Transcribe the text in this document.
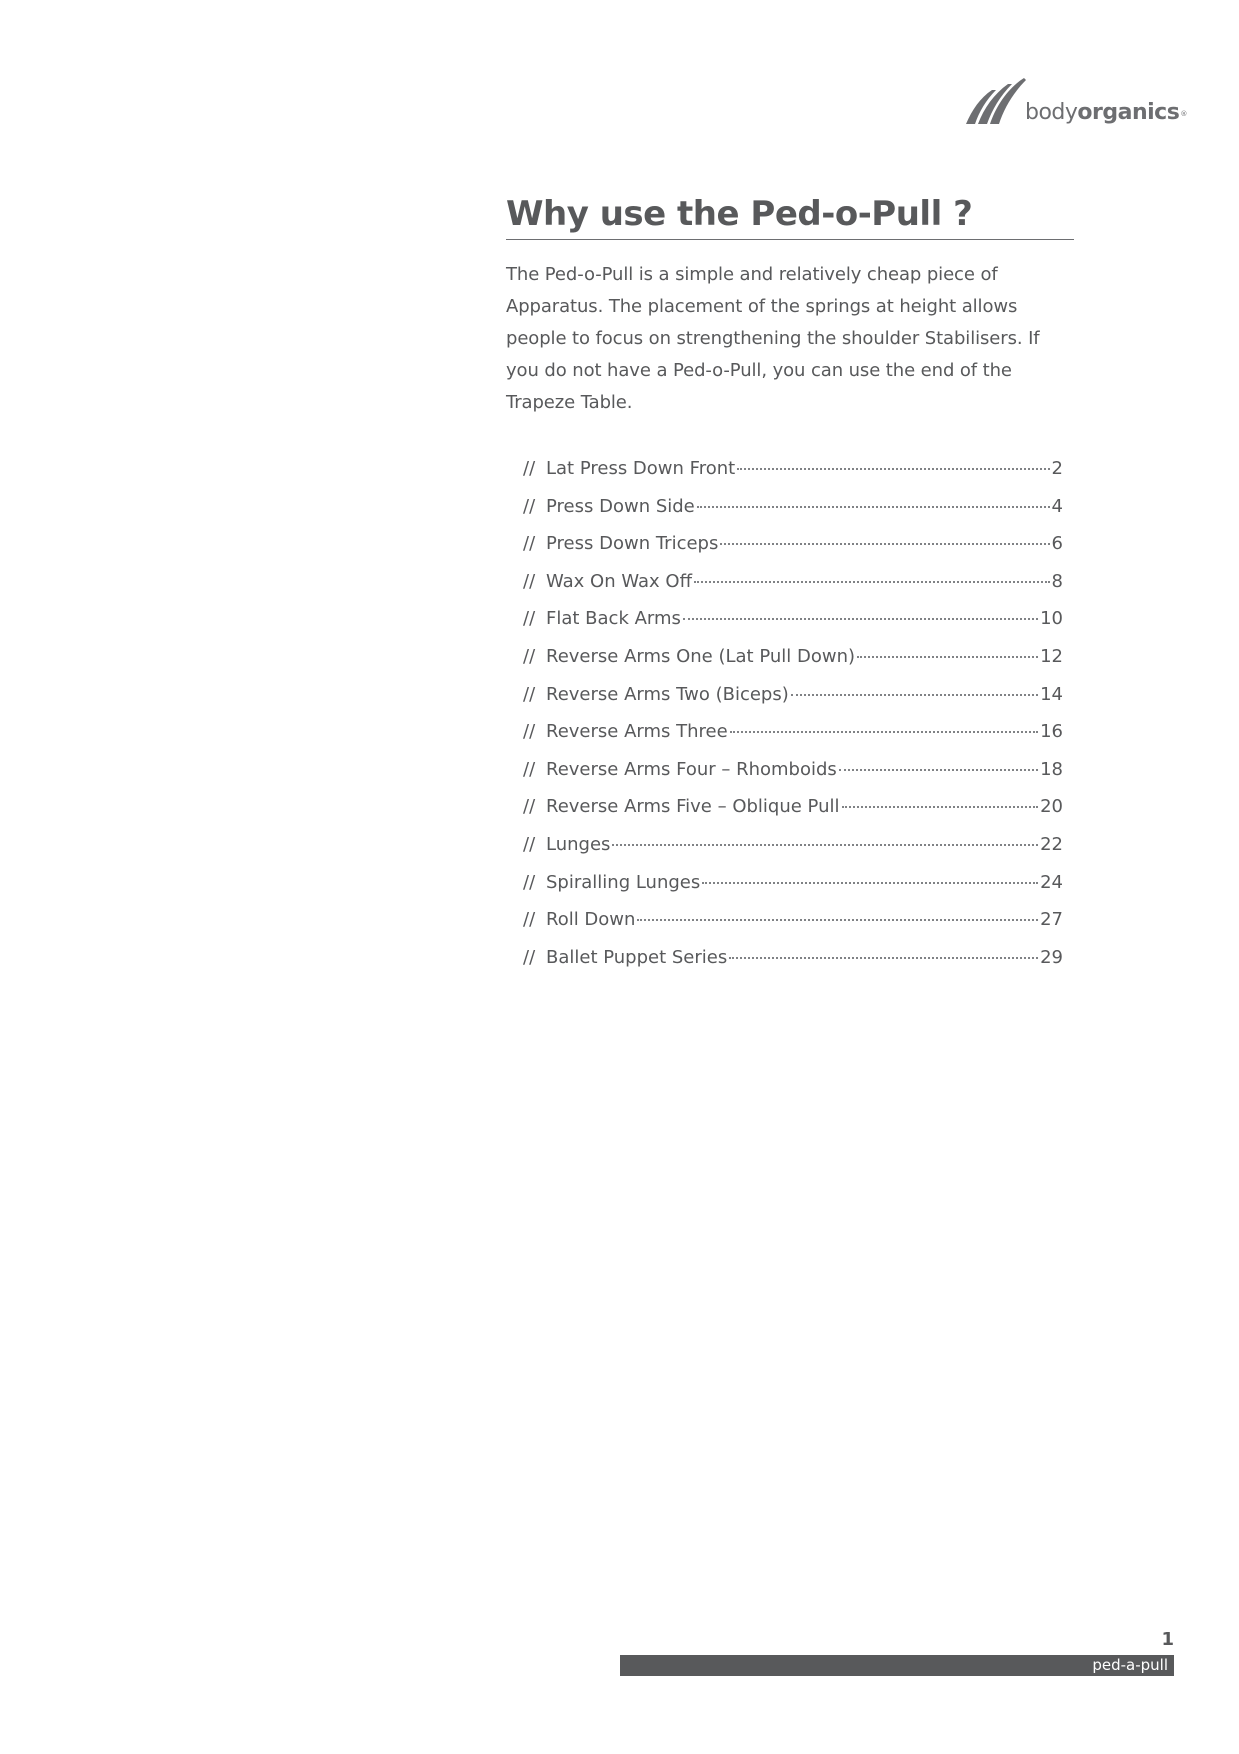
bodyorganics®
Why use the Ped-o-Pull ?

The Ped-o-Pull is a simple and relatively cheap piece of Apparatus. The placement of the springs at height allows people to focus on strengthening the shoulder Stabilisers. If you do not have a Ped-o-Pull, you can use the end of the Trapeze Table.

// Lat Press Down Front	2
// Press Down Side	4
// Press Down Triceps	6
// Wax On Wax Off	8
// Flat Back Arms	10
// Reverse Arms One (Lat Pull Down)	12
// Reverse Arms Two (Biceps)	14
// Reverse Arms Three	16
// Reverse Arms Four – Rhomboids	18
// Reverse Arms Five – Oblique Pull	20
// Lunges	22
// Spiralling Lunges	24
// Roll Down	27
// Ballet Puppet Series	29
1
ped-a-pull
